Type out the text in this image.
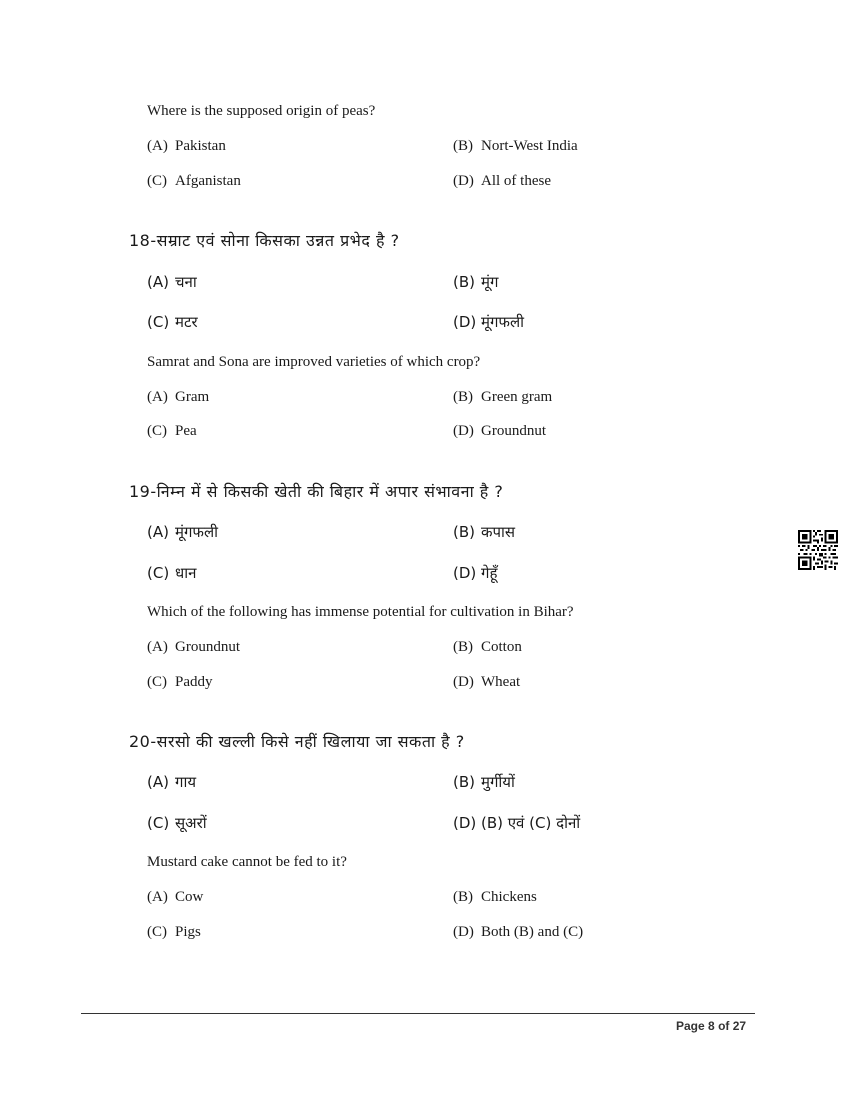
Where is the supposed origin of peas?
(A) Pakistan	(B) Nort-West India
(C) Afganistan	(D) All of these
18-सम्राट एवं सोना किसका उन्नत प्रभेद है ?
(A) चना	(B) मूंग
(C) मटर	(D) मूंगफली
Samrat and Sona are improved varieties of which crop?
(A) Gram	(B) Green gram
(C) Pea	(D) Groundnut
19-निम्न में से किसकी खेती की बिहार में अपार संभावना है ?
(A) मूंगफली	(B) कपास
(C) धान	(D) गेहूँ
Which of the following has immense potential for cultivation in Bihar?
(A) Groundnut	(B) Cotton
(C) Paddy	(D) Wheat
20-सरसो की खल्ली किसे नहीं खिलाया जा सकता है ?
(A) गाय	(B) मुर्गीयों
(C) सूअरों	(D) (B) एवं (C) दोनों
Mustard cake cannot be fed to it?
(A) Cow	(B) Chickens
(C) Pigs	(D) Both (B) and (C)
Page 8 of 27
